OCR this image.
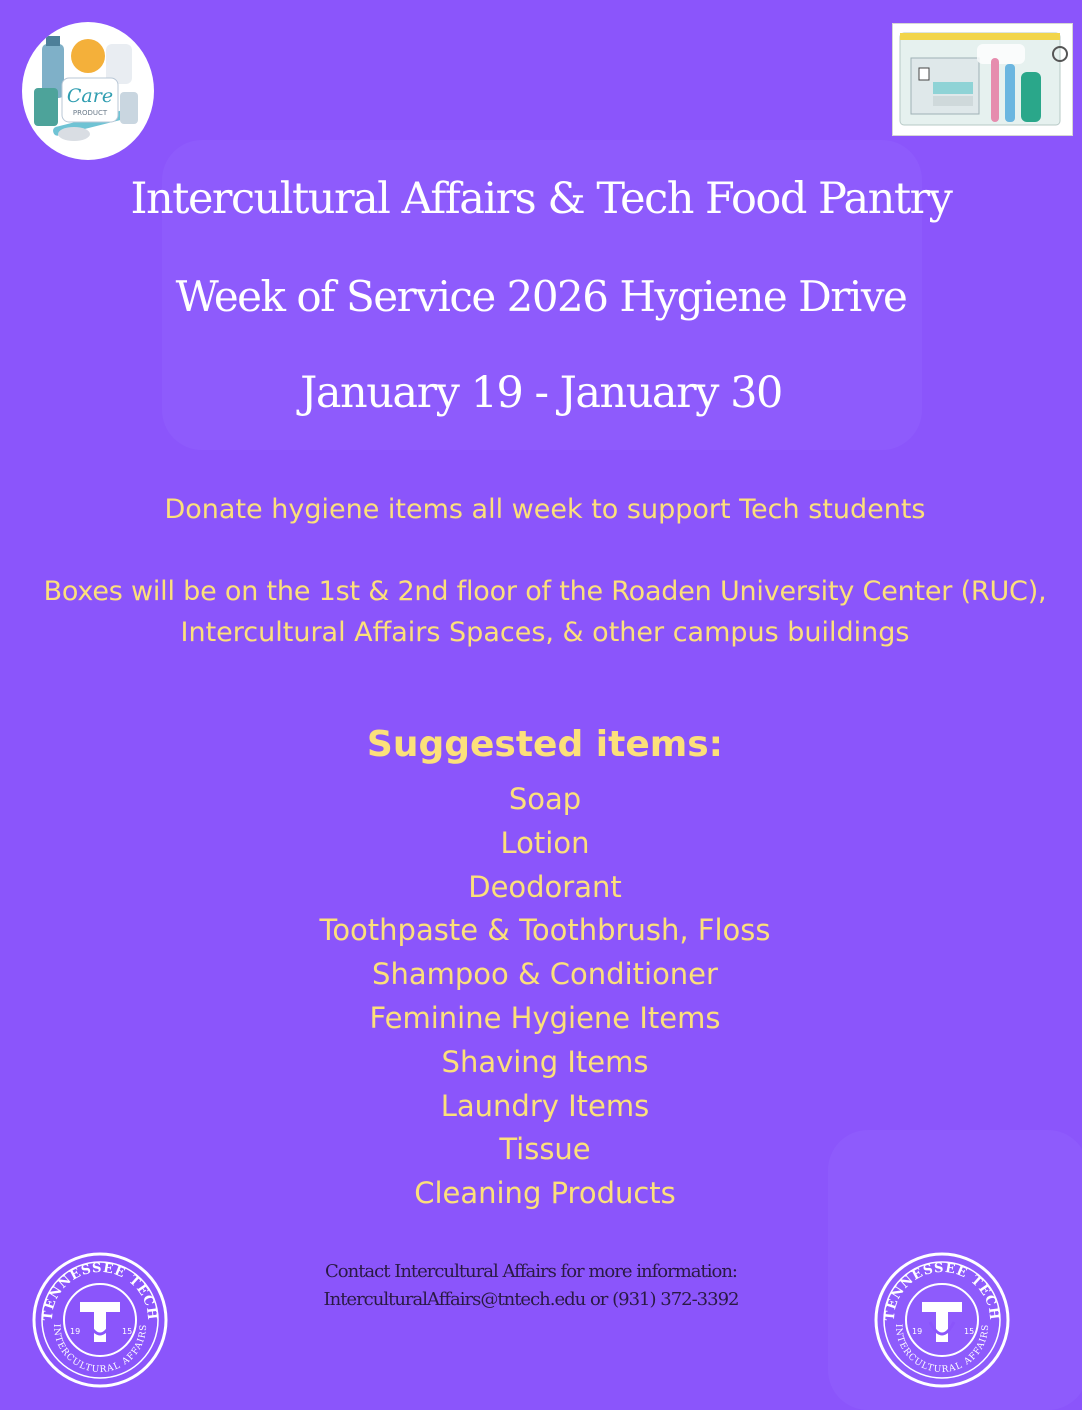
Care
PRODUCT
Intercultural Affairs & Tech Food Pantry
Week of Service 2026 Hygiene Drive
January 19 - January 30
Donate hygiene items all week to support Tech students
Boxes will be on the 1st & 2nd floor of the Roaden University Center (RUC),
Intercultural Affairs Spaces, & other campus buildings
Suggested items:
Soap
Lotion
Deodorant
Toothpaste & Toothbrush, Floss
Shampoo & Conditioner
Feminine Hygiene Items
Shaving Items
Laundry Items
Tissue
Cleaning Products
Contact Intercultural Affairs for more information:
InterculturalAffairs@tntech.edu or (931) 372-3392
TENNESSEE TECH
INTERCULTURAL AFFAIRS
19	15
TENNESSEE TECH
INTERCULTURAL AFFAIRS
19	15
